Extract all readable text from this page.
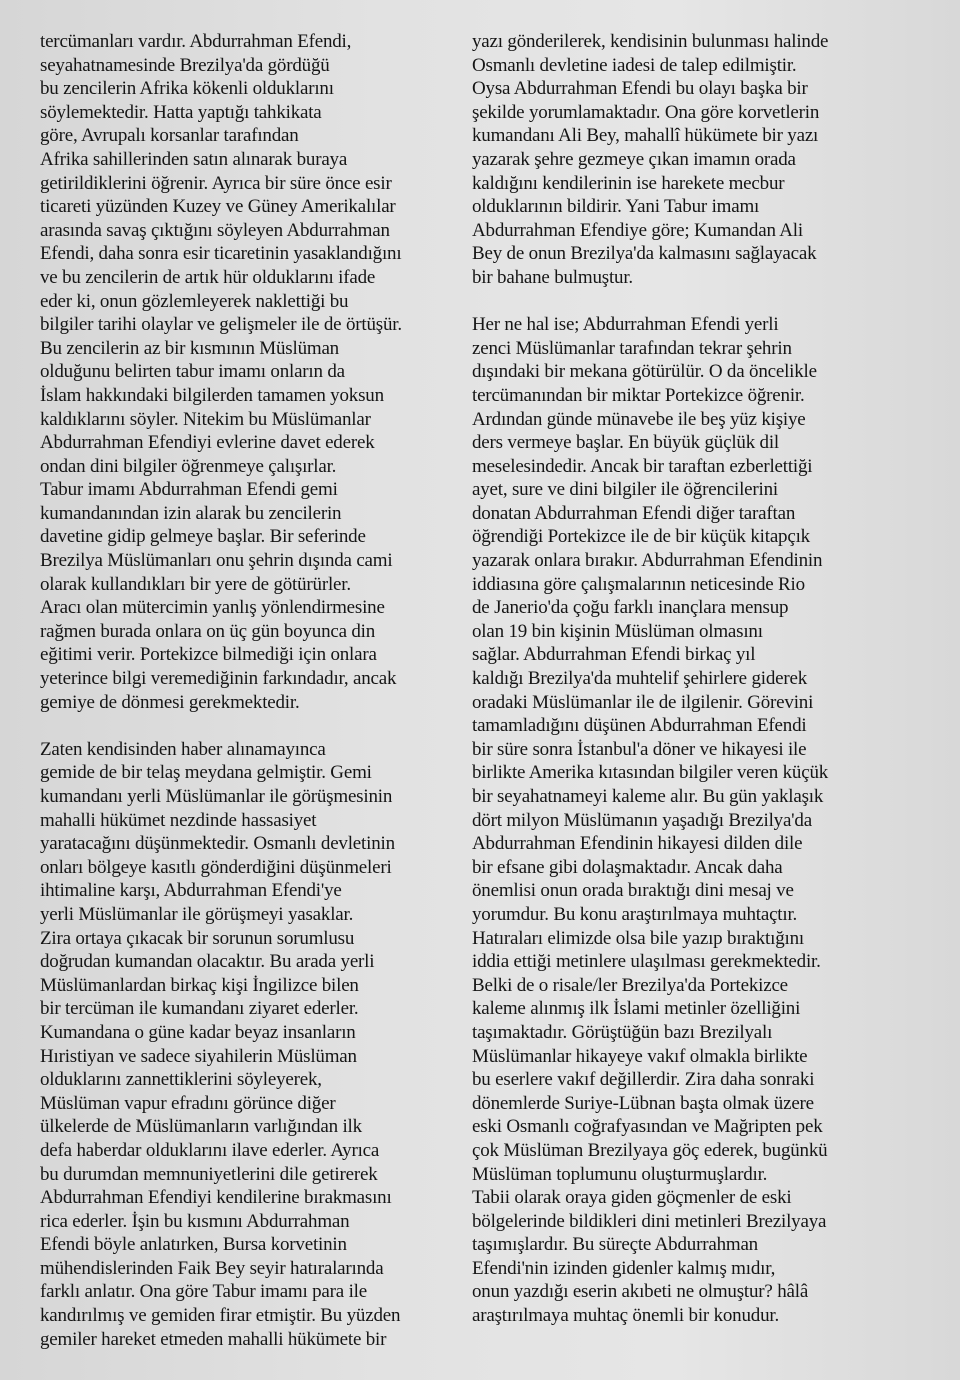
tercümanları vardır. Abdurrahman Efendi,
seyahatnamesinde Brezilya'da gördüğü
bu zencilerin Afrika kökenli olduklarını
söylemektedir. Hatta yaptığı tahkikata
göre, Avrupalı korsanlar tarafından
Afrika sahillerinden satın alınarak buraya
getirildiklerini öğrenir. Ayrıca bir süre önce esir
ticareti yüzünden Kuzey ve Güney Amerikalılar
arasında savaş çıktığını söyleyen Abdurrahman
Efendi, daha sonra esir ticaretinin yasaklandığını
ve bu zencilerin de artık hür olduklarını ifade
eder ki, onun gözlemleyerek naklettiği bu
bilgiler tarihi olaylar ve gelişmeler ile de örtüşür.
Bu zencilerin az bir kısmının Müslüman
olduğunu belirten tabur imamı onların da
İslam hakkındaki bilgilerden tamamen yoksun
kaldıklarını söyler. Nitekim bu Müslümanlar
Abdurrahman Efendiyi evlerine davet ederek
ondan dini bilgiler öğrenmeye çalışırlar.
Tabur imamı Abdurrahman Efendi gemi
kumandanından izin alarak bu zencilerin
davetine gidip gelmeye başlar. Bir seferinde
Brezilya Müslümanları onu şehrin dışında cami
olarak kullandıkları bir yere de götürürler.
Aracı olan mütercimin yanlış yönlendirmesine
rağmen burada onlara on üç gün boyunca din
eğitimi verir. Portekizce bilmediği için onlara
yeterince bilgi veremediğinin farkındadır, ancak
gemiye de dönmesi gerekmektedir.
Zaten kendisinden haber alınamayınca
gemide de bir telaş meydana gelmiştir. Gemi
kumandanı yerli Müslümanlar ile görüşmesinin
mahalli hükümet nezdinde hassasiyet
yaratacağını düşünmektedir. Osmanlı devletinin
onları bölgeye kasıtlı gönderdiğini düşünmeleri
ihtimaline karşı, Abdurrahman Efendi'ye
yerli Müslümanlar ile görüşmeyi yasaklar.
Zira ortaya çıkacak bir sorunun sorumlusu
doğrudan kumandan olacaktır. Bu arada yerli
Müslümanlardan birkaç kişi İngilizce bilen
bir tercüman ile kumandanı ziyaret ederler.
Kumandana o güne kadar beyaz insanların
Hıristiyan ve sadece siyahilerin Müslüman
olduklarını zannettiklerini söyleyerek,
Müslüman vapur efradını görünce diğer
ülkelerde de Müslümanların varlığından ilk
defa haberdar olduklarını ilave ederler. Ayrıca
bu durumdan memnuniyetlerini dile getirerek
Abdurrahman Efendiyi kendilerine bırakmasını
rica ederler. İşin bu kısmını Abdurrahman
Efendi böyle anlatırken, Bursa korvetinin
mühendislerinden Faik Bey seyir hatıralarında
farklı anlatır. Ona göre Tabur imamı para ile
kandırılmış ve gemiden firar etmiştir. Bu yüzden
gemiler hareket etmeden mahalli hükümete bir
yazı gönderilerek, kendisinin bulunması halinde
Osmanlı devletine iadesi de talep edilmiştir.
Oysa Abdurrahman Efendi bu olayı başka bir
şekilde yorumlamaktadır. Ona göre korvetlerin
kumandanı Ali Bey, mahallî hükümete bir yazı
yazarak şehre gezmeye çıkan imamın orada
kaldığını kendilerinin ise harekete mecbur
olduklarının bildirir. Yani Tabur imamı
Abdurrahman Efendiye göre; Kumandan Ali
Bey de onun Brezilya'da kalmasını sağlayacak
bir bahane bulmuştur.
Her ne hal ise; Abdurrahman Efendi yerli
zenci Müslümanlar tarafından tekrar şehrin
dışındaki bir mekana götürülür. O da öncelikle
tercümanından bir miktar Portekizce öğrenir.
Ardından günde münavebe ile beş yüz kişiye
ders vermeye başlar. En büyük güçlük dil
meselesindedir. Ancak bir taraftan ezberlettiği
ayet, sure ve dini bilgiler ile öğrencilerini
donatan Abdurrahman Efendi diğer taraftan
öğrendiği Portekizce ile de bir küçük kitapçık
yazarak onlara bırakır. Abdurrahman Efendinin
iddiasına göre çalışmalarının neticesinde Rio
de Janerio'da çoğu farklı inançlara mensup
olan 19 bin kişinin Müslüman olmasını
sağlar. Abdurrahman Efendi birkaç yıl
kaldığı Brezilya'da muhtelif şehirlere giderek
oradaki Müslümanlar ile de ilgilenir. Görevini
tamamladığını düşünen Abdurrahman Efendi
bir süre sonra İstanbul'a döner ve hikayesi ile
birlikte Amerika kıtasından bilgiler veren küçük
bir seyahatnameyi kaleme alır. Bu gün yaklaşık
dört milyon Müslümanın yaşadığı Brezilya'da
Abdurrahman Efendinin hikayesi dilden dile
bir efsane gibi dolaşmaktadır. Ancak daha
önemlisi onun orada bıraktığı dini mesaj ve
yorumdur. Bu konu araştırılmaya muhtaçtır.
Hatıraları elimizde olsa bile yazıp bıraktığını
iddia ettiği metinlere ulaşılması gerekmektedir.
Belki de o risale/ler Brezilya'da Portekizce
kaleme alınmış ilk İslami metinler özelliğini
taşımaktadır. Görüştüğün bazı Brezilyalı
Müslümanlar hikayeye vakıf olmakla birlikte
bu eserlere vakıf değillerdir. Zira daha sonraki
dönemlerde Suriye-Lübnan başta olmak üzere
eski Osmanlı coğrafyasından ve Mağripten pek
çok Müslüman Brezilyaya göç ederek, bugünkü
Müslüman toplumunu oluşturmuşlardır.
Tabii olarak oraya giden göçmenler de eski
bölgelerinde bildikleri dini metinleri Brezilyaya
taşımışlardır. Bu süreçte Abdurrahman
Efendi'nin izinden gidenler kalmış mıdır,
onun yazdığı eserin akıbeti ne olmuştur? hâlâ
araştırılmaya muhtaç önemli bir konudur.
